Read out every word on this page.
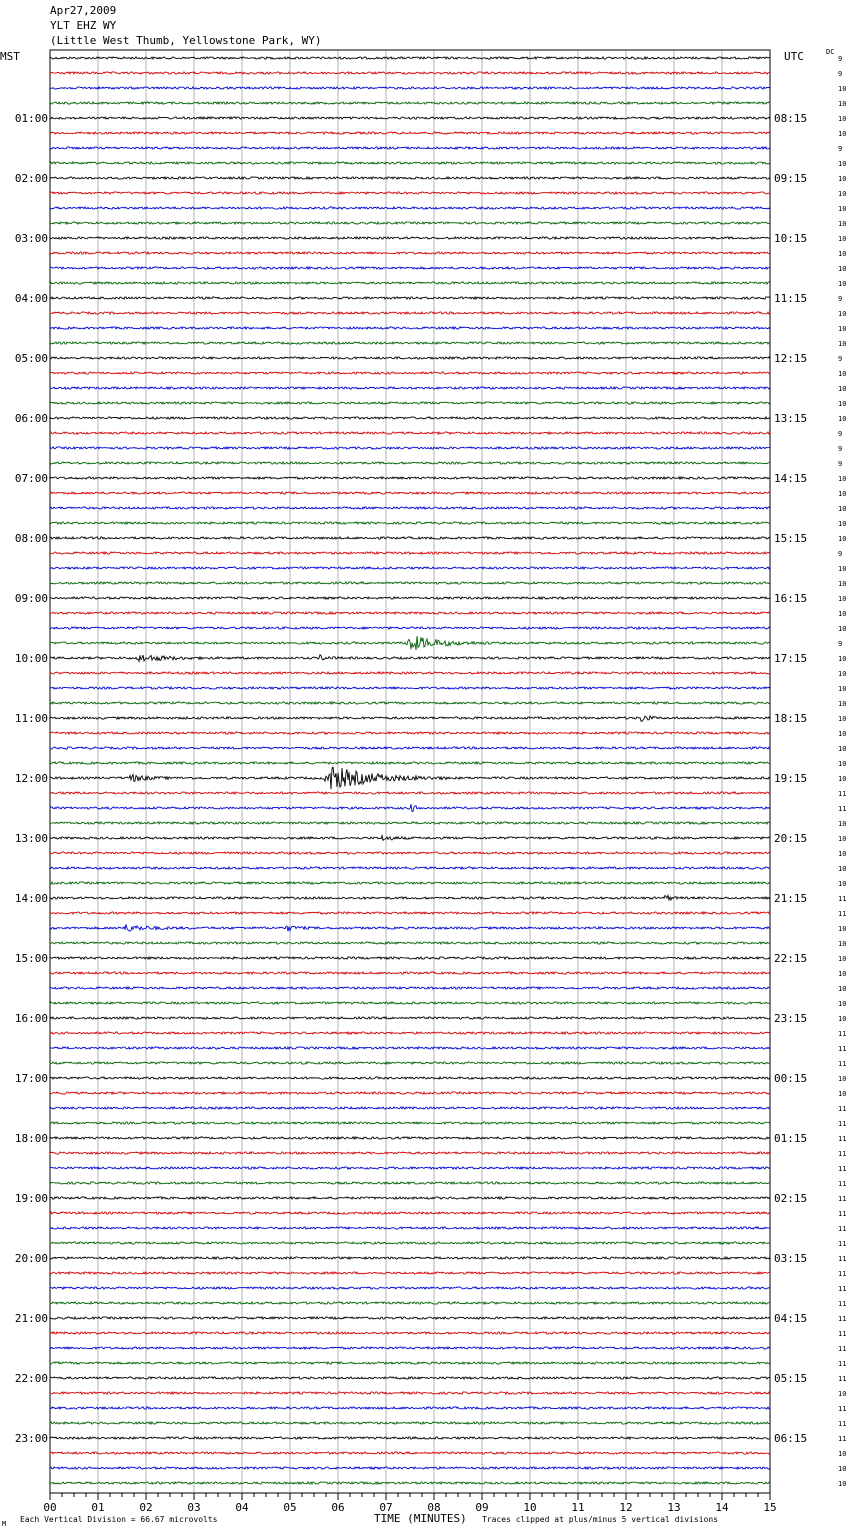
Apr27,2009
YLT EHZ WY
(Little West Thumb, Yellowstone Park, WY)
MST	UTC	DC
9
9
10
10
10
10
9
10
10
10
10
10
10
10
10
10
9
10
10
10
9
10
10
10
10
9
9
9
10
10
10
10
10
9
10
10
10
10
10
9
10
10
10
10
10
10
10
10
10
11
11
10
10
10
10
10
11
11
10
10
10
10
10
10
10
11
11
11
10
10
11
11
11
11
11
11
11
11
11
11
11
11
11
11
11
11
11
11
11
10
11
11
11
10
10
10
01:00
02:00
03:00
04:00
05:00
06:00
07:00
08:00
09:00
10:00
11:00
12:00
13:00
14:00
15:00
16:00
17:00
18:00
19:00
20:00
21:00
22:00
23:00
08:15
09:15
10:15
11:15
12:15
13:15
14:15
15:15
16:15
17:15
18:15
19:15
20:15
21:15
22:15
23:15
00:15
01:15
02:15
03:15
04:15
05:15
06:15
00	01	02	03	04	05	06	07	08	09	10	11	12	13	14	15
Each Vertical Division = 66.67 microvolts	TIME (MINUTES) Traces clipped at plus/minus 5 vertical divisions
M
